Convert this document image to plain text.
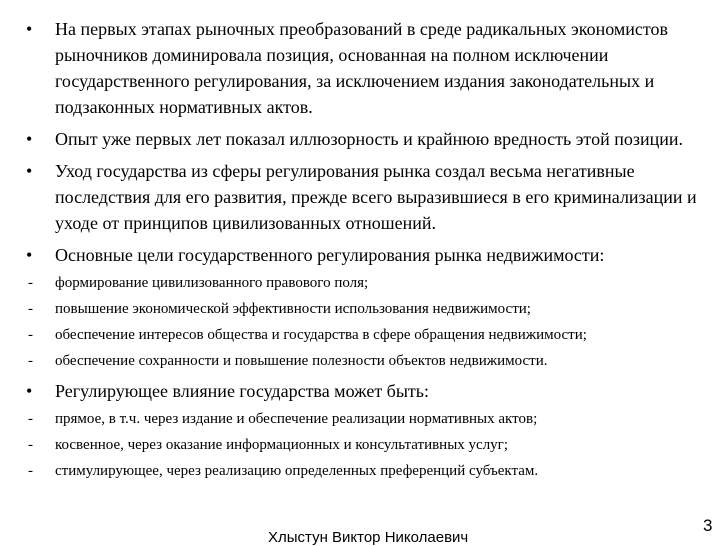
• На первых этапах рыночных преобразований в среде радикальных экономистов рыночников доминировала позиция, основанная на полном исключении государственного регулирования, за исключением издания законодательных и подзаконных нормативных актов.
• Опыт уже первых лет показал иллюзорность и крайнюю вредность этой позиции.
• Уход государства из сферы регулирования рынка создал весьма негативные последствия для его развития, прежде всего выразившиеся в его криминализации и уходе от принципов цивилизованных отношений.
• Основные цели государственного регулирования рынка недвижимости:
- формирование цивилизованного правового поля;
- повышение экономической эффективности использования недвижимости;
- обеспечение интересов общества и государства в сфере обращения недвижимости;
- обеспечение сохранности и повышение полезности объектов недвижимости.
• Регулирующее влияние государства может быть:
- прямое, в т.ч. через издание и обеспечение реализации нормативных актов;
- косвенное, через оказание информационных и консультативных услуг;
- стимулирующее, через реализацию определенных преференций субъектам.
Хлыстун Виктор Николаевич
3
